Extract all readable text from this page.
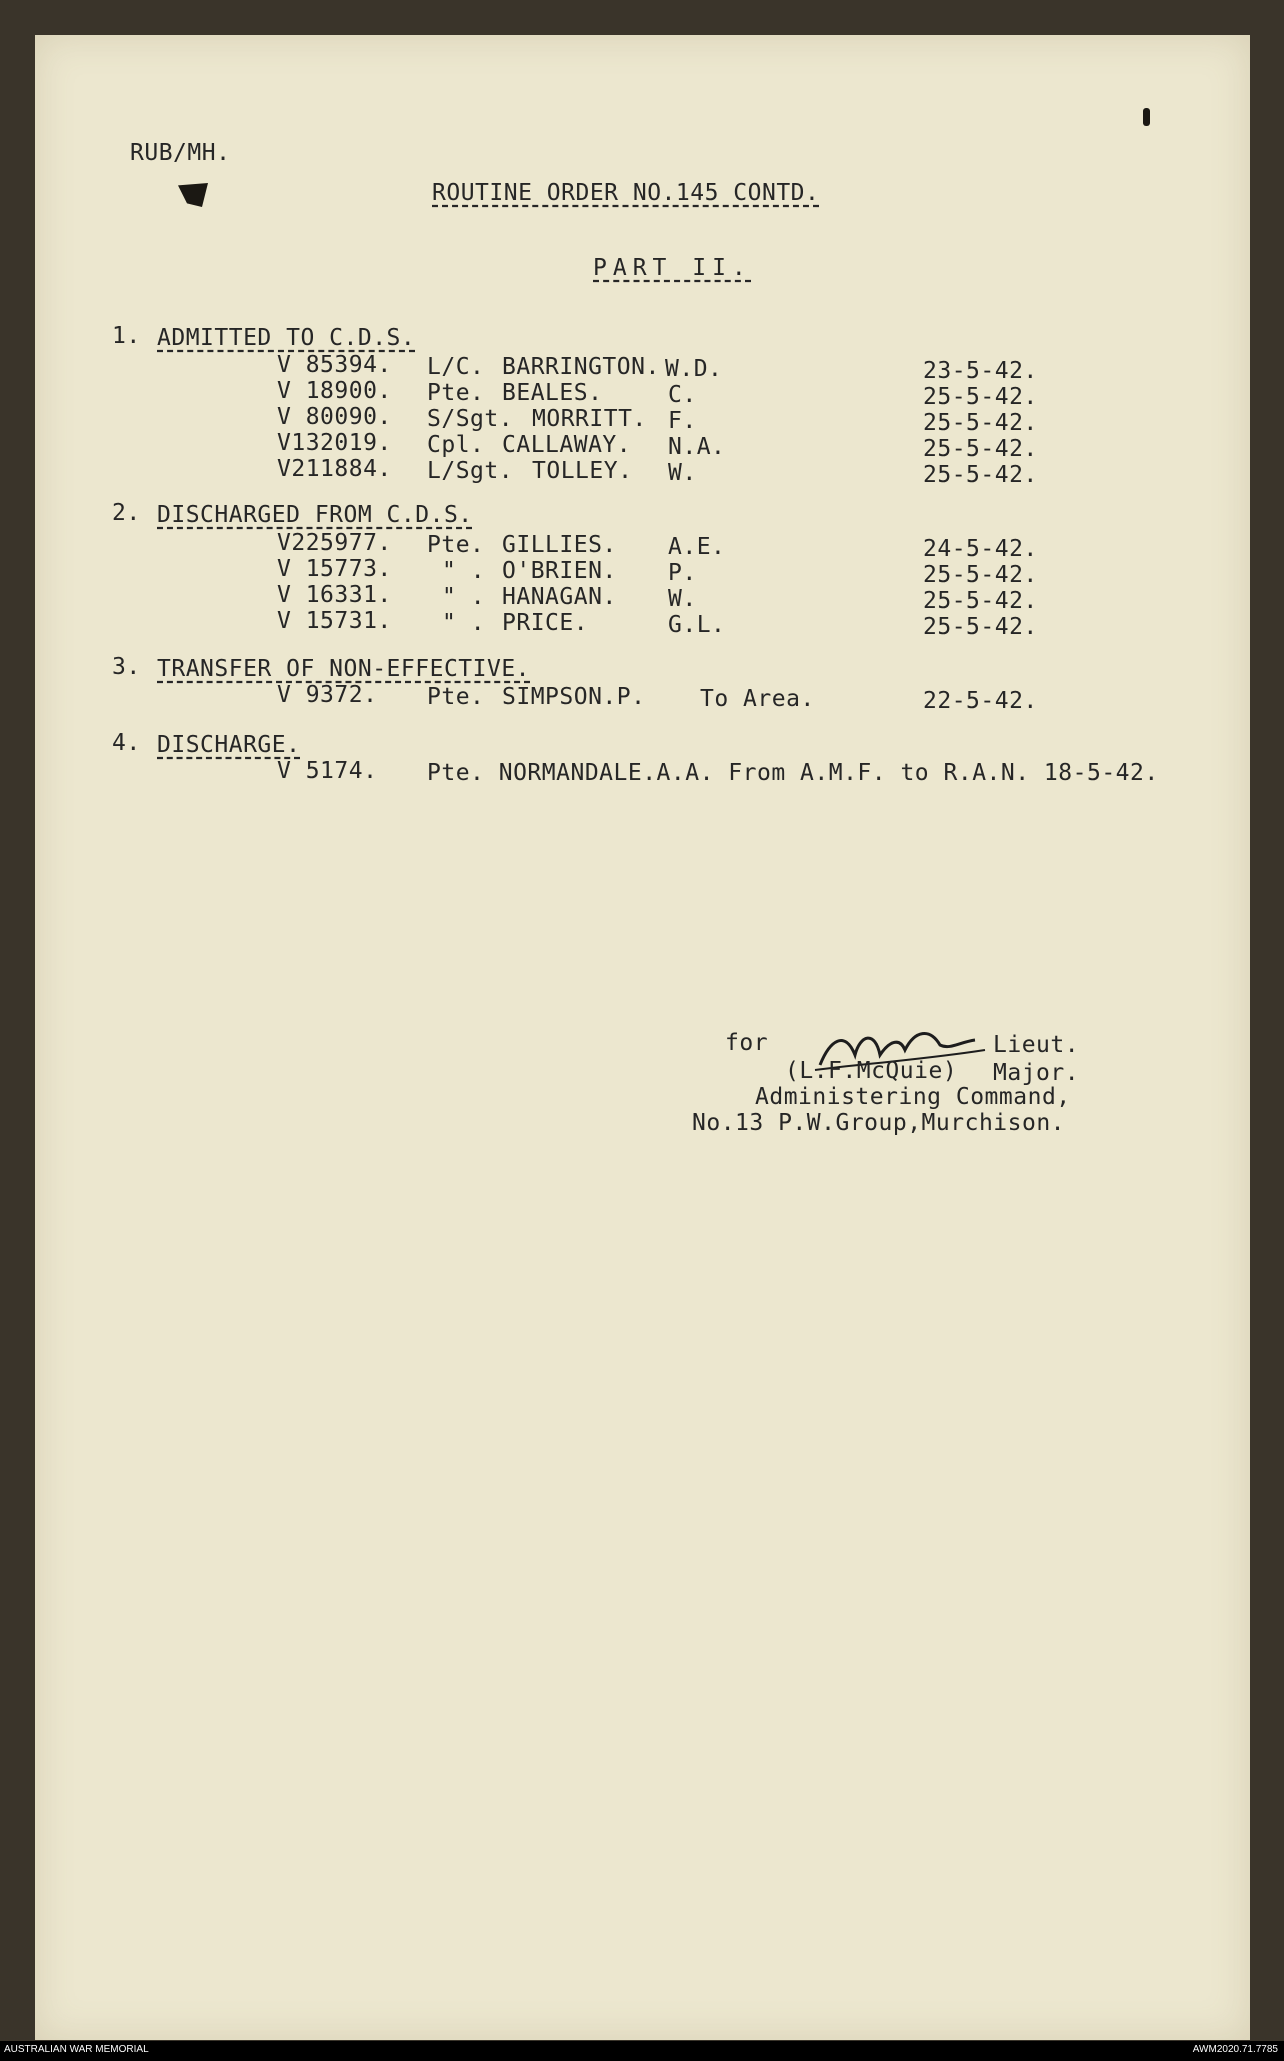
RUB/MH.
ROUTINE ORDER NO.145 CONTD.
PART II.
1. ADMITTED TO C.D.S.
V 85394. L/C. BARRINGTON. W.D.	23-5-42.
V 18900. Pte. BEALES.	C.	25-5-42.
V 80090. S/Sgt. MORRITT. F.	25-5-42.
V132019. Cpl. CALLAWAY. N.A.	25-5-42.
V211884. L/Sgt. TOLLEY. W.	25-5-42.
2. DISCHARGED FROM C.D.S.
V225977. Pte. GILLIES. A.E.	24-5-42.
V 15773. " . O'BRIEN. P.	25-5-42.
V 16331. " . HANAGAN. W.	25-5-42.
V 15731. " . PRICE.	G.L.	25-5-42.
3. TRANSFER OF NON-EFFECTIVE.
V 9372. Pte. SIMPSON.P. To Area.	22-5-42.
4. DISCHARGE.
V 5174. Pte. NORMANDALE.A.A. From A.M.F. to R.A.N. 18-5-42.
for	Lieut.
(L.F.McQuie) Major.
Administering Command,
No.13 P.W.Group,Murchison.
AUSTRALIAN WAR MEMORIAL	AWM2020.71.7785
